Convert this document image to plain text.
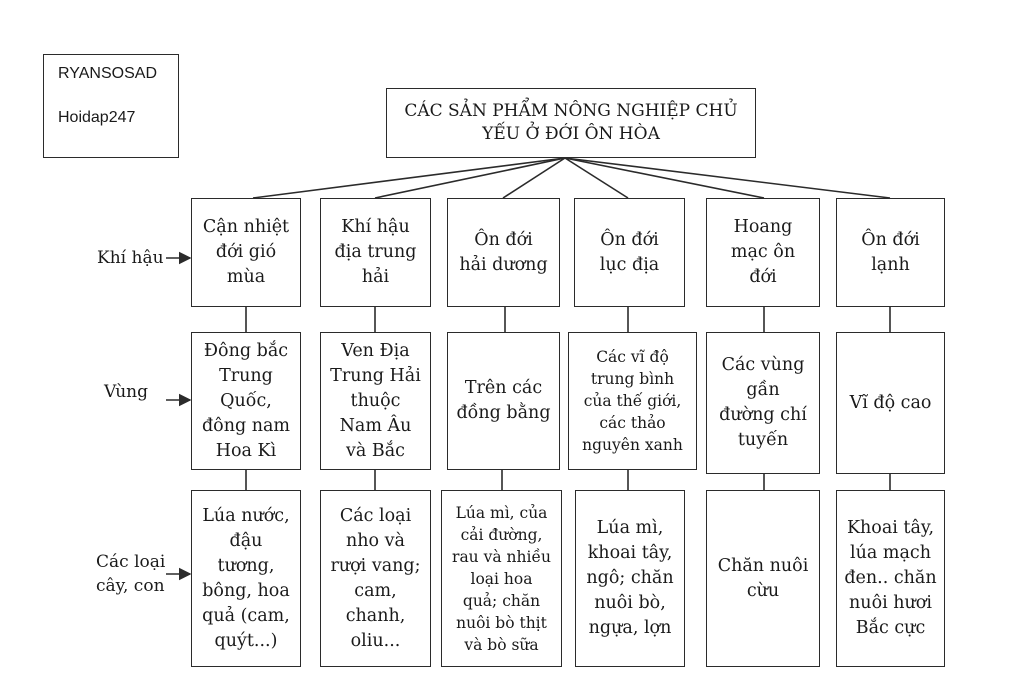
RYANSOSAD
Hoidap247	CÁC SẢN PHẨM NÔNG NGHIỆP CHỦ
YẾU Ở ĐỚI ÔN HÒA
Khí hậu
Vùng
Các loại
cây, con
Cận nhiệt
đới gió
mùa
Khí hậu
địa trung
hải
Ôn đới
hải dương
Ôn đới
lục địa
Hoang
mạc ôn
đới
Ôn đới
lạnh
Đông bắc
Trung
Quốc,
đông nam
Hoa Kì
Ven Địa
Trung Hải
thuộc
Nam Âu
và Bắc
Trên các
đồng bằng
Các vĩ độ
trung bình
của thế giới,
các thảo
nguyên xanh
Các vùng
gần
đường chí
tuyến
Vĩ độ cao
Lúa nước,
đậu
tương,
bông, hoa
quả (cam,
quýt...)
Các loại
nho và
rượi vang;
cam,
chanh,
oliu...
Lúa mì, của
cải đường,
rau và nhiều
loại hoa
quả; chăn
nuôi bò thịt
và bò sữa
Lúa mì,
khoai tây,
ngô; chăn
nuôi bò,
ngựa, lợn
Chăn nuôi
cừu
Khoai tây,
lúa mạch
đen.. chăn
nuôi hươi
Bắc cực
